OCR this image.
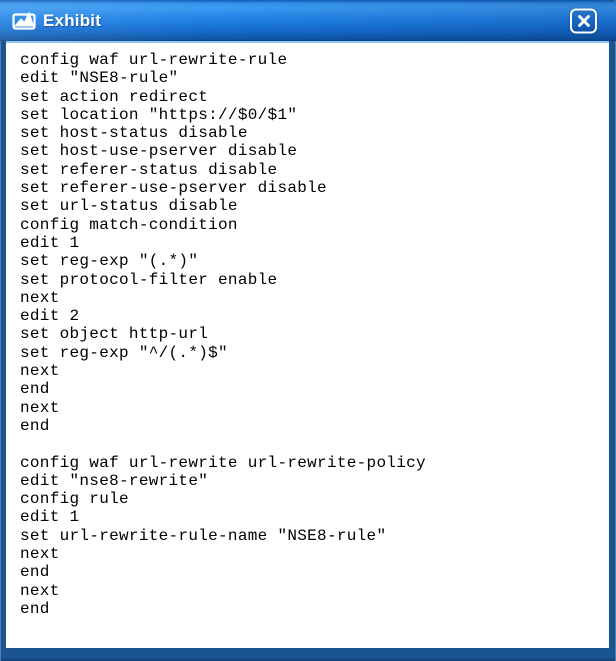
Exhibit
config waf url-rewrite-rule
edit "NSE8-rule"
set action redirect
set location "https://$0/$1"
set host-status disable
set host-use-pserver disable
set referer-status disable
set referer-use-pserver disable
set url-status disable
config match-condition
edit 1
set reg-exp "(.*)"
set protocol-filter enable
next
edit 2
set object http-url
set reg-exp "^/(.*)$"
next
end
next
end

config waf url-rewrite url-rewrite-policy
edit "nse8-rewrite"
config rule
edit 1
set url-rewrite-rule-name "NSE8-rule"
next
end
next
end
